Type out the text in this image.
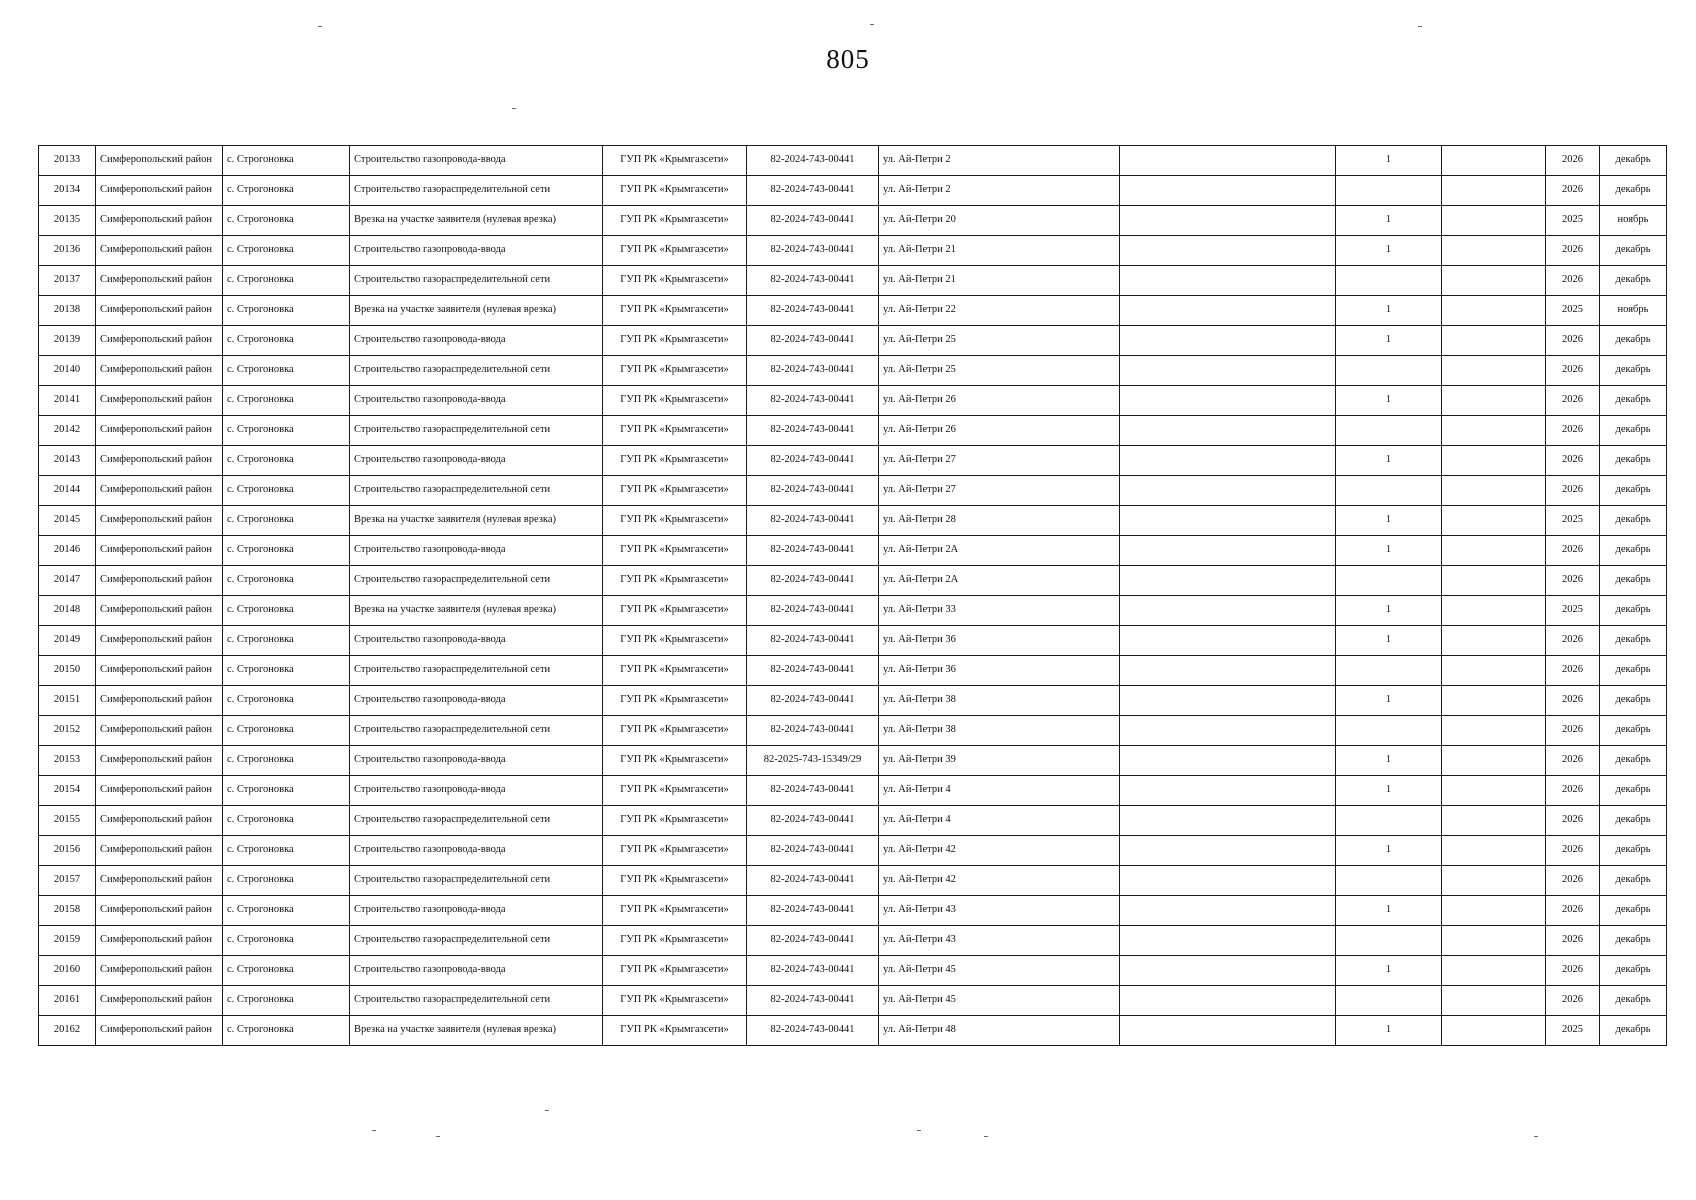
805
20133	Симферопольский район	с. Строгоновка	Строительство газопровода-ввода	ГУП РК «Крымгазсети»	82-2024-743-00441	ул. Ай-Петри 2		1		2026	декабрь
20134	Симферопольский район	с. Строгоновка	Строительство газораспределительной сети	ГУП РК «Крымгазсети»	82-2024-743-00441	ул. Ай-Петри 2				2026	декабрь
20135	Симферопольский район	с. Строгоновка	Врезка на участке заявителя (нулевая врезка)	ГУП РК «Крымгазсети»	82-2024-743-00441	ул. Ай-Петри 20		1		2025	ноябрь
20136	Симферопольский район	с. Строгоновка	Строительство газопровода-ввода	ГУП РК «Крымгазсети»	82-2024-743-00441	ул. Ай-Петри 21		1		2026	декабрь
20137	Симферопольский район	с. Строгоновка	Строительство газораспределительной сети	ГУП РК «Крымгазсети»	82-2024-743-00441	ул. Ай-Петри 21				2026	декабрь
20138	Симферопольский район	с. Строгоновка	Врезка на участке заявителя (нулевая врезка)	ГУП РК «Крымгазсети»	82-2024-743-00441	ул. Ай-Петри 22		1		2025	ноябрь
20139	Симферопольский район	с. Строгоновка	Строительство газопровода-ввода	ГУП РК «Крымгазсети»	82-2024-743-00441	ул. Ай-Петри 25		1		2026	декабрь
20140	Симферопольский район	с. Строгоновка	Строительство газораспределительной сети	ГУП РК «Крымгазсети»	82-2024-743-00441	ул. Ай-Петри 25				2026	декабрь
20141	Симферопольский район	с. Строгоновка	Строительство газопровода-ввода	ГУП РК «Крымгазсети»	82-2024-743-00441	ул. Ай-Петри 26		1		2026	декабрь
20142	Симферопольский район	с. Строгоновка	Строительство газораспределительной сети	ГУП РК «Крымгазсети»	82-2024-743-00441	ул. Ай-Петри 26				2026	декабрь
20143	Симферопольский район	с. Строгоновка	Строительство газопровода-ввода	ГУП РК «Крымгазсети»	82-2024-743-00441	ул. Ай-Петри 27		1		2026	декабрь
20144	Симферопольский район	с. Строгоновка	Строительство газораспределительной сети	ГУП РК «Крымгазсети»	82-2024-743-00441	ул. Ай-Петри 27				2026	декабрь
20145	Симферопольский район	с. Строгоновка	Врезка на участке заявителя (нулевая врезка)	ГУП РК «Крымгазсети»	82-2024-743-00441	ул. Ай-Петри 28		1		2025	декабрь
20146	Симферопольский район	с. Строгоновка	Строительство газопровода-ввода	ГУП РК «Крымгазсети»	82-2024-743-00441	ул. Ай-Петри 2А		1		2026	декабрь
20147	Симферопольский район	с. Строгоновка	Строительство газораспределительной сети	ГУП РК «Крымгазсети»	82-2024-743-00441	ул. Ай-Петри 2А				2026	декабрь
20148	Симферопольский район	с. Строгоновка	Врезка на участке заявителя (нулевая врезка)	ГУП РК «Крымгазсети»	82-2024-743-00441	ул. Ай-Петри 33		1		2025	декабрь
20149	Симферопольский район	с. Строгоновка	Строительство газопровода-ввода	ГУП РК «Крымгазсети»	82-2024-743-00441	ул. Ай-Петри 36		1		2026	декабрь
20150	Симферопольский район	с. Строгоновка	Строительство газораспределительной сети	ГУП РК «Крымгазсети»	82-2024-743-00441	ул. Ай-Петри 36				2026	декабрь
20151	Симферопольский район	с. Строгоновка	Строительство газопровода-ввода	ГУП РК «Крымгазсети»	82-2024-743-00441	ул. Ай-Петри 38		1		2026	декабрь
20152	Симферопольский район	с. Строгоновка	Строительство газораспределительной сети	ГУП РК «Крымгазсети»	82-2024-743-00441	ул. Ай-Петри 38				2026	декабрь
20153	Симферопольский район	с. Строгоновка	Строительство газопровода-ввода	ГУП РК «Крымгазсети»	82-2025-743-15349/29	ул. Ай-Петри 39		1		2026	декабрь
20154	Симферопольский район	с. Строгоновка	Строительство газопровода-ввода	ГУП РК «Крымгазсети»	82-2024-743-00441	ул. Ай-Петри 4		1		2026	декабрь
20155	Симферопольский район	с. Строгоновка	Строительство газораспределительной сети	ГУП РК «Крымгазсети»	82-2024-743-00441	ул. Ай-Петри 4				2026	декабрь
20156	Симферопольский район	с. Строгоновка	Строительство газопровода-ввода	ГУП РК «Крымгазсети»	82-2024-743-00441	ул. Ай-Петри 42		1		2026	декабрь
20157	Симферопольский район	с. Строгоновка	Строительство газораспределительной сети	ГУП РК «Крымгазсети»	82-2024-743-00441	ул. Ай-Петри 42				2026	декабрь
20158	Симферопольский район	с. Строгоновка	Строительство газопровода-ввода	ГУП РК «Крымгазсети»	82-2024-743-00441	ул. Ай-Петри 43		1		2026	декабрь
20159	Симферопольский район	с. Строгоновка	Строительство газораспределительной сети	ГУП РК «Крымгазсети»	82-2024-743-00441	ул. Ай-Петри 43				2026	декабрь
20160	Симферопольский район	с. Строгоновка	Строительство газопровода-ввода	ГУП РК «Крымгазсети»	82-2024-743-00441	ул. Ай-Петри 45		1		2026	декабрь
20161	Симферопольский район	с. Строгоновка	Строительство газораспределительной сети	ГУП РК «Крымгазсети»	82-2024-743-00441	ул. Ай-Петри 45				2026	декабрь
20162	Симферопольский район	с. Строгоновка	Врезка на участке заявителя (нулевая врезка)	ГУП РК «Крымгазсети»	82-2024-743-00441	ул. Ай-Петри 48		1		2025	декабрь
